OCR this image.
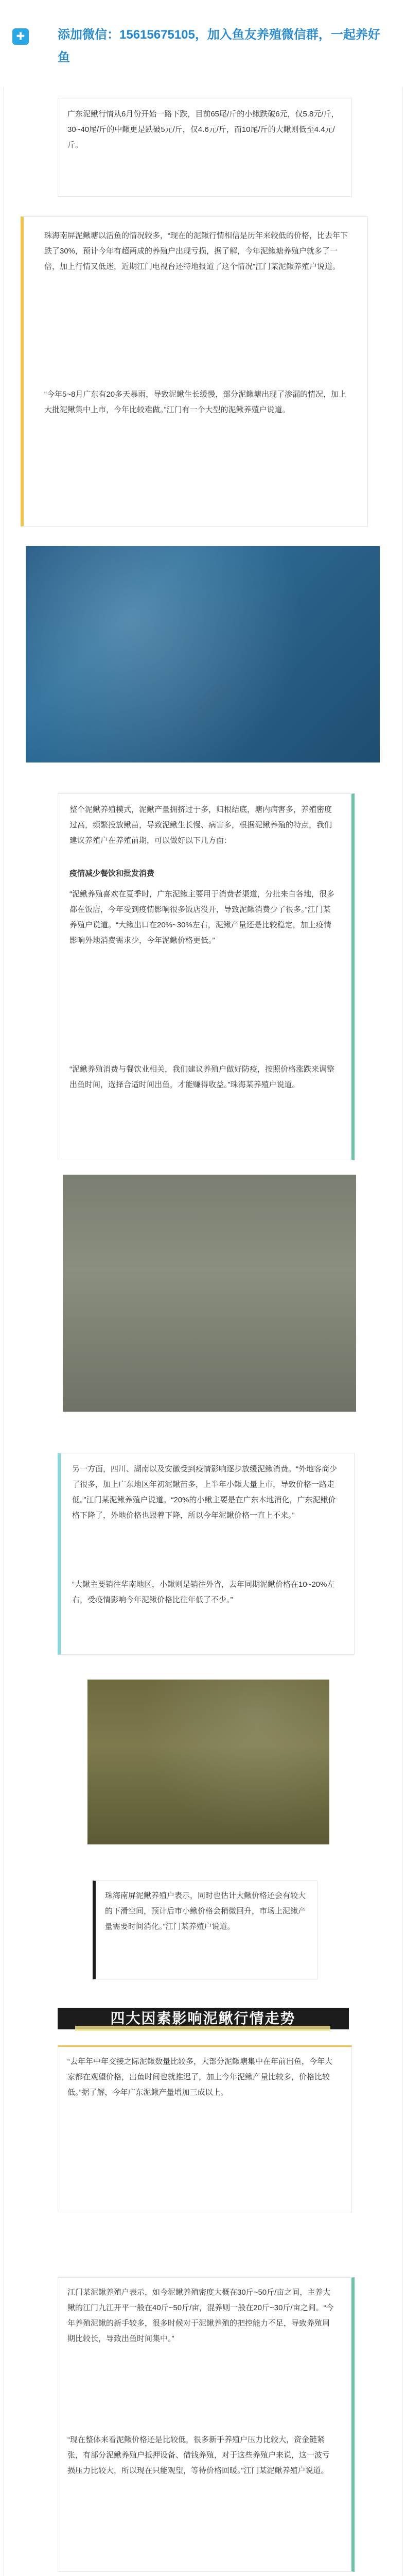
✚	添加微信：15615675105，加入鱼友养殖微信群，一起养好鱼
广东泥鳅行情从6月份开始一路下跌，目前65尾/斤的小鳅跌破6元，仅5.8元/斤，30~40尾/斤的中鳅更是跌破5元/斤，仅4.6元/斤，而10尾/斤的大鳅则低至4.4元/斤。
珠海南屏泥鳅塘以活鱼的情况较多，“现在的泥鳅行情相信是历年来较低的价格，比去年下跌了30%，预计今年有超两成的养殖户出现亏损，据了解，今年泥鳅塘养殖户就多了一倍，加上行情又低迷，近期江门电视台还特地报道了这个情况”江门某泥鳅养殖户说道。
“今年5~8月广东有20多天暴雨，导致泥鳅生长缓慢，部分泥鳅塘出现了渗漏的情况，加上大批泥鳅集中上市，今年比较难做。”江门有一个大型的泥鳅养殖户说道。
整个泥鳅养殖模式，泥鳅产量拥挤过于多，归根结底，塘内病害多，养殖密度过高，频繁投放鳅苗，导致泥鳅生长慢、病害多，根据泥鳅养殖的特点，我们建议养殖户在养殖前期，可以做好以下几方面：
疫情减少餐饮和批发消费
“泥鳅养殖喜欢在夏季时，广东泥鳅主要用于消费者渠道，分批来自各地，很多都在饭店，今年受到疫情影响很多饭店没开，导致泥鳅消费少了很多。”江门某养殖户说道。“大鳅出口在20%~30%左右，泥鳅产量还是比较稳定，加上疫情影响外地消费需求少，今年泥鳅价格更低。”
“泥鳅养殖消费与餐饮业相关，我们建议养殖户做好防疫，按照价格涨跌来调整出鱼时间，选择合适时间出鱼，才能赚得收益。”珠海某养殖户说道。
另一方面，四川、湖南以及安徽受到疫情影响逐步放缓泥鳅消费。“外地客商少了很多，加上广东地区年初泥鳅苗多，上半年小鳅大量上市，导致价格一路走低。”江门某泥鳅养殖户说道。“20%的小鳅主要是在广东本地消化，广东泥鳅价格下降了，外地价格也跟着下降，所以今年泥鳅价格一直上不来。”
“大鳅主要销往华南地区，小鳅则是销往外省，去年同期泥鳅价格在10~20%左右，受疫情影响今年泥鳅价格比往年低了不少。”
珠海南屏泥鳅养殖户表示，同时也估计大鳅价格还会有较大的下滑空间，预计后市小鳅价格会稍微回升，市场上泥鳅产量需要时间消化。”江门某养殖户说道。
四大因素影响泥鳅行情走势
“去年年中年交接之际泥鳅数量比较多，大部分泥鳅塘集中在年前出鱼，今年大家都在观望价格，出鱼时间也就推迟了，加上今年泥鳅产量比较多，价格比较低。”据了解，今年广东泥鳅产量增加三成以上。
江门某泥鳅养殖户表示，如今泥鳅养殖密度大概在30斤~50斤/亩之间，主养大鳅的江门九江开平一般在40斤~50斤/亩，混养则一般在20斤~30斤/亩之间。“今年养殖泥鳅的新手较多，很多时候对于泥鳅养殖的把控能力不足，导致养殖周期比较长，导致出鱼时间集中。”
“现在整体来看泥鳅价格还是比较低，很多新手养殖户压力比较大，资金链紧张，有部分泥鳅养殖户抵押设备、借钱养殖，对于这些养殖户来说，这一波亏损压力比较大，所以现在只能观望，等待价格回暖。”江门某泥鳅养殖户说道。
